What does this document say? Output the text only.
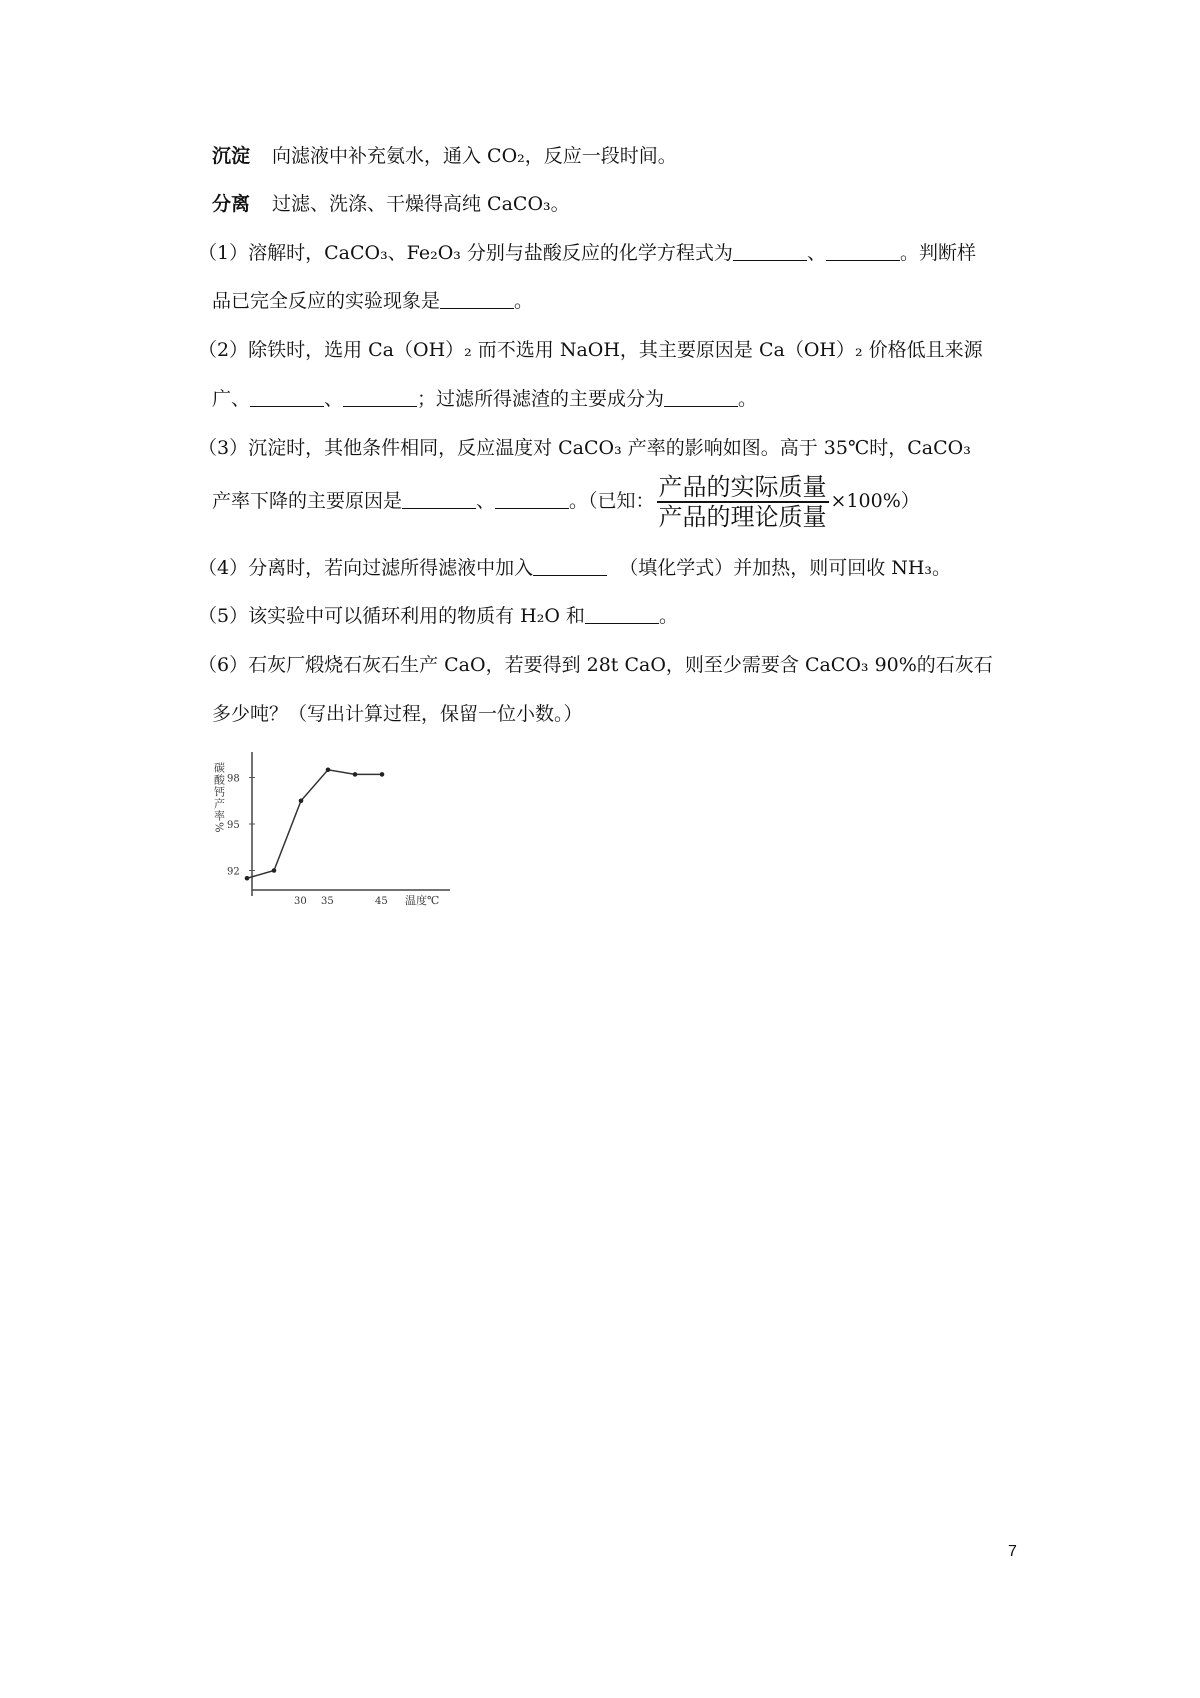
沉淀 向滤液中补充氨水，通入 CO₂，反应一段时间。
分离 过滤、洗涤、干燥得高纯 CaCO₃。
（1）溶解时，CaCO₃、Fe₂O₃ 分别与盐酸反应的化学方程式为	、	。判断样
品已完全反应的实验现象是	。
（2）除铁时，选用 Ca（OH）₂ 而不选用 NaOH，其主要原因是 Ca（OH）₂ 价格低且来源
广、	、	；过滤所得滤渣的主要成分为	。
（3）沉淀时，其他条件相同，反应温度对 CaCO₃ 产率的影响如图。高于 35℃时，CaCO₃
产率下降的主要原因是	、	。（已知： $\frac{\text{产品的实际质量}}{\text{产品的理论质量}} \times 100\%$）
（4）分离时，若向过滤所得滤液中加入	（填化学式）并加热，则可回收 NH₃。
（5）该实验中可以循环利用的物质有 H₂O 和	。
（6）石灰厂煅烧石灰石生产 CaO，若要得到 28t CaO，则至少需要含 CaCO₃ 90%的石灰石
多少吨？（写出计算过程，保留一位小数。）
碳酸钙产率% 98
95
92
30 35	45 温度℃
7
